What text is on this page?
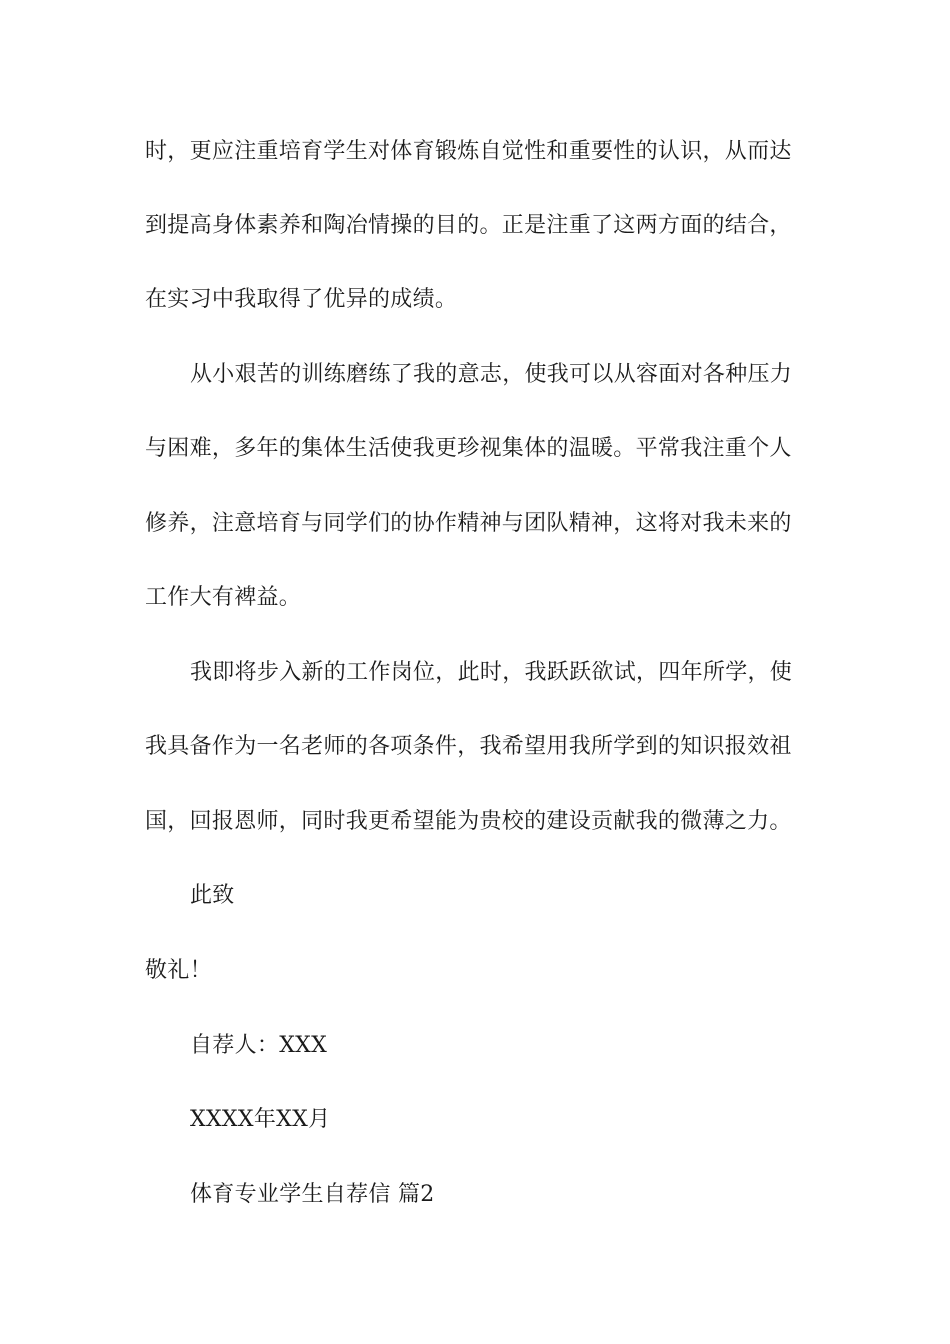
时，更应注重培育学生对体育锻炼自觉性和重要性的认识，从而达
到提高身体素养和陶冶情操的目的。正是注重了这两方面的结合，
在实习中我取得了优异的成绩。
从小艰苦的训练磨练了我的意志，使我可以从容面对各种压力
与困难，多年的集体生活使我更珍视集体的温暖。平常我注重个人
修养，注意培育与同学们的协作精神与团队精神，这将对我未来的
工作大有裨益。
我即将步入新的工作岗位，此时，我跃跃欲试，四年所学，使
我具备作为一名老师的各项条件，我希望用我所学到的知识报效祖
国，回报恩师，同时我更希望能为贵校的建设贡献我的微薄之力。
此致
敬礼！
自荐人：XXX
XXXX年XX月
体育专业学生自荐信 篇2
